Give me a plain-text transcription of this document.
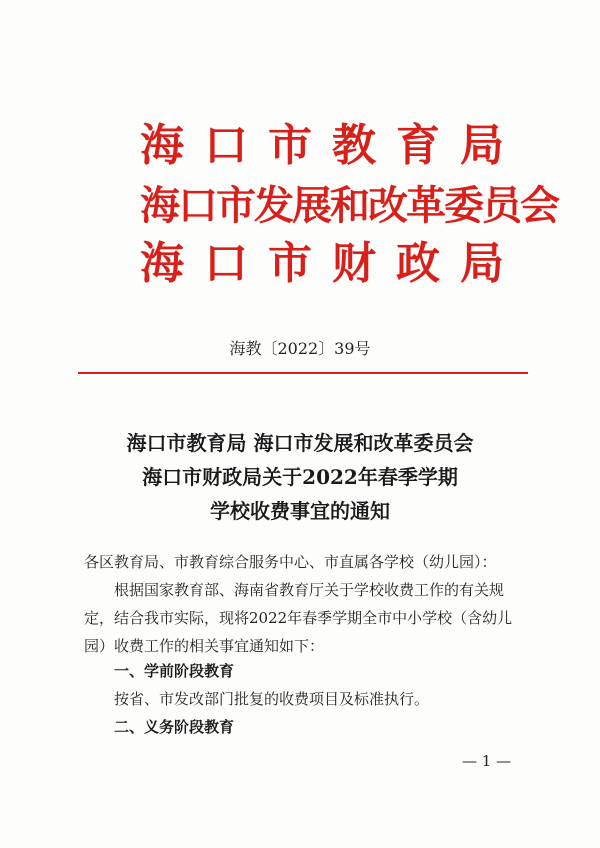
海口市教育局
海口市发展和改革委员会
海口市财政局
海教〔2022〕39号
海口市教育局 海口市发展和改革委员会
海口市财政局关于2022年春季学期
学校收费事宜的通知
各区教育局、市教育综合服务中心、市直属各学校（幼儿园）：
根据国家教育部、海南省教育厅关于学校收费工作的有关规定，结合我市实际，现将2022年春季学期全市中小学校（含幼儿园）收费工作的相关事宜通知如下：
一、学前阶段教育
按省、市发改部门批复的收费项目及标准执行。
二、义务阶段教育
— 1 —
